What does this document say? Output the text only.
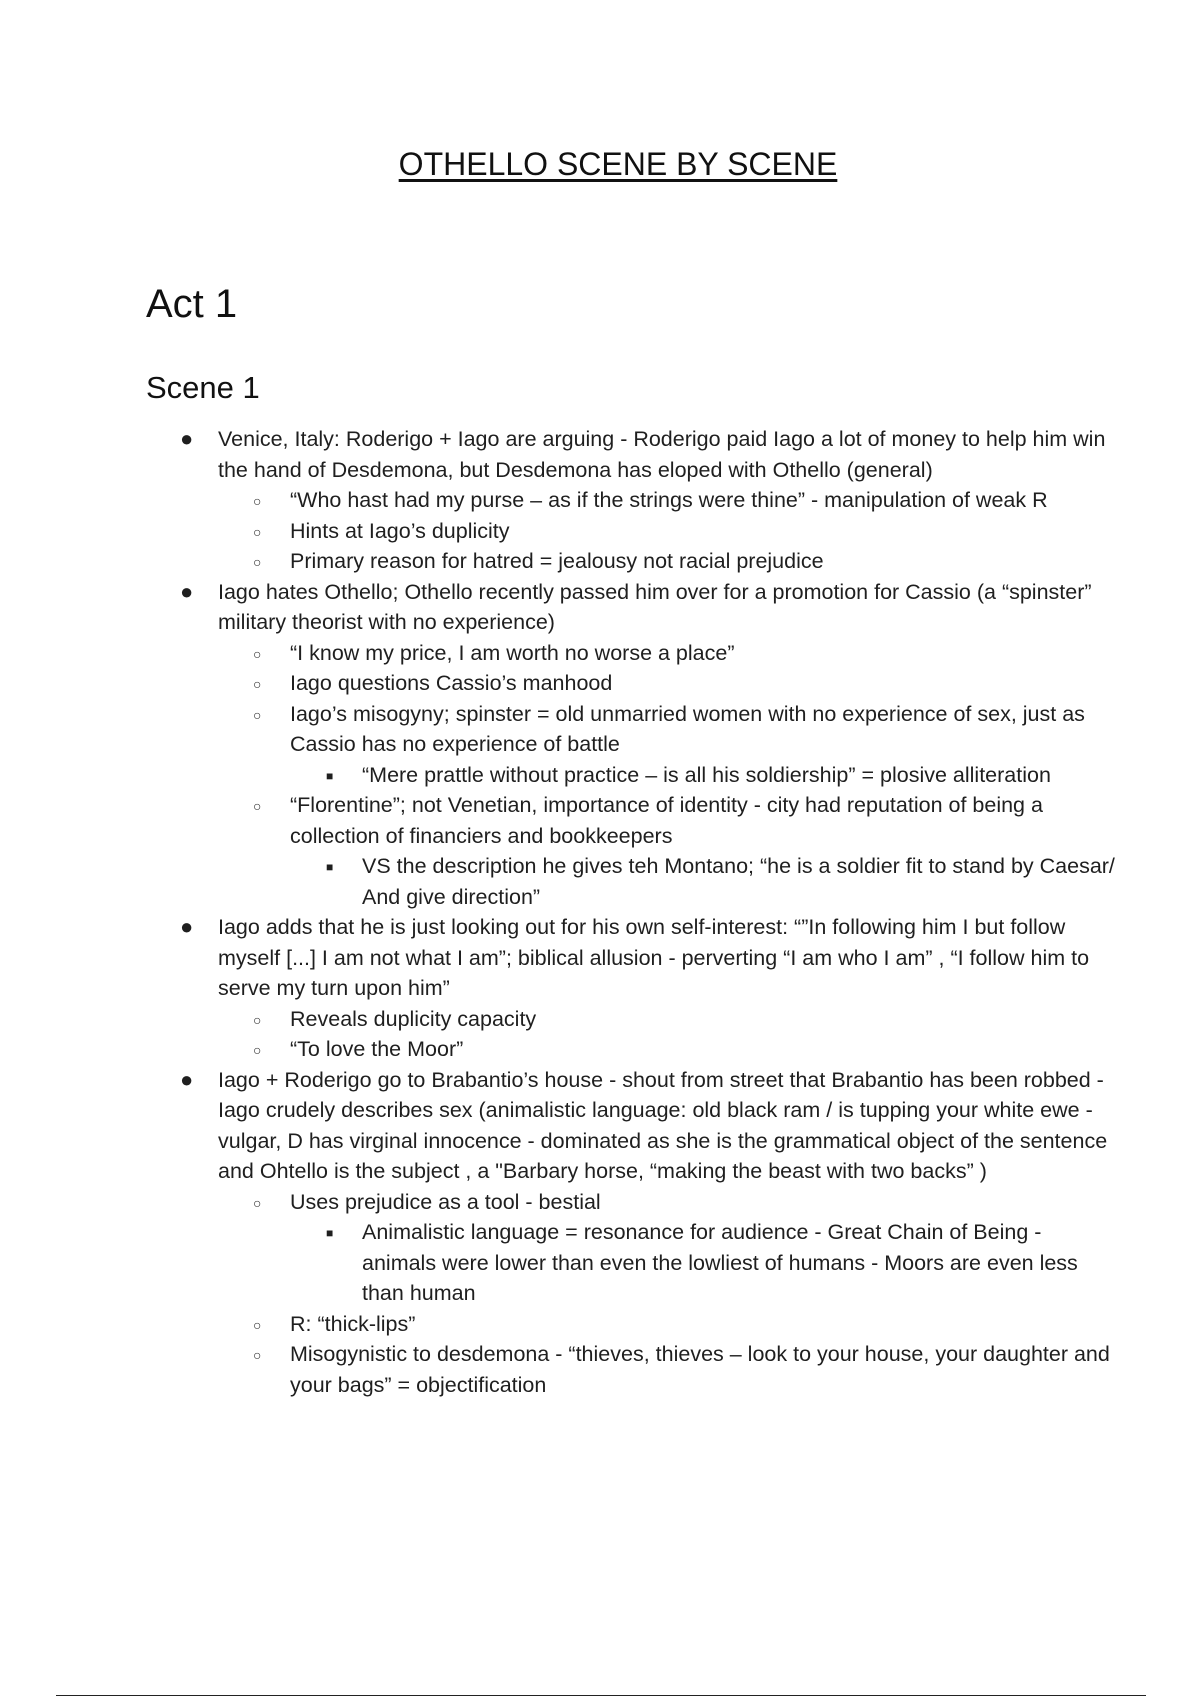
OTHELLO SCENE BY SCENE
Act 1
Scene 1
● Venice, Italy: Roderigo + Iago are arguing - Roderigo paid Iago a lot of money to help him win the hand of Desdemona, but Desdemona has eloped with Othello (general)
○ “Who hast had my purse – as if the strings were thine” - manipulation of weak R
○ Hints at Iago’s duplicity
○ Primary reason for hatred = jealousy not racial prejudice
● Iago hates Othello; Othello recently passed him over for a promotion for Cassio (a “spinster” military theorist with no experience)
○ “I know my price, I am worth no worse a place”
○ Iago questions Cassio’s manhood
○ Iago’s misogyny; spinster = old unmarried women with no experience of sex, just as Cassio has no experience of battle
■ “Mere prattle without practice – is all his soldiership” = plosive alliteration
○ “Florentine”; not Venetian, importance of identity - city had reputation of being a collection of financiers and bookkeepers
■ VS the description he gives teh Montano; “he is a soldier fit to stand by Caesar/ And give direction”
● Iago adds that he is just looking out for his own self-interest: “”In following him I but follow myself [...] I am not what I am”; biblical allusion - perverting “I am who I am” , “I follow him to serve my turn upon him”
○ Reveals duplicity capacity
○ “To love the Moor”
● Iago + Roderigo go to Brabantio’s house - shout from street that Brabantio has been robbed - Iago crudely describes sex (animalistic language: old black ram / is tupping your white ewe - vulgar, D has virginal innocence - dominated as she is the grammatical object of the sentence and Ohtello is the subject , a "Barbary horse, “making the beast with two backs” )
○ Uses prejudice as a tool - bestial
■ Animalistic language = resonance for audience - Great Chain of Being - animals were lower than even the lowliest of humans - Moors are even less than human
○ R: “thick-lips”
○ Misogynistic to desdemona - “thieves, thieves – look to your house, your daughter and your bags” = objectification
